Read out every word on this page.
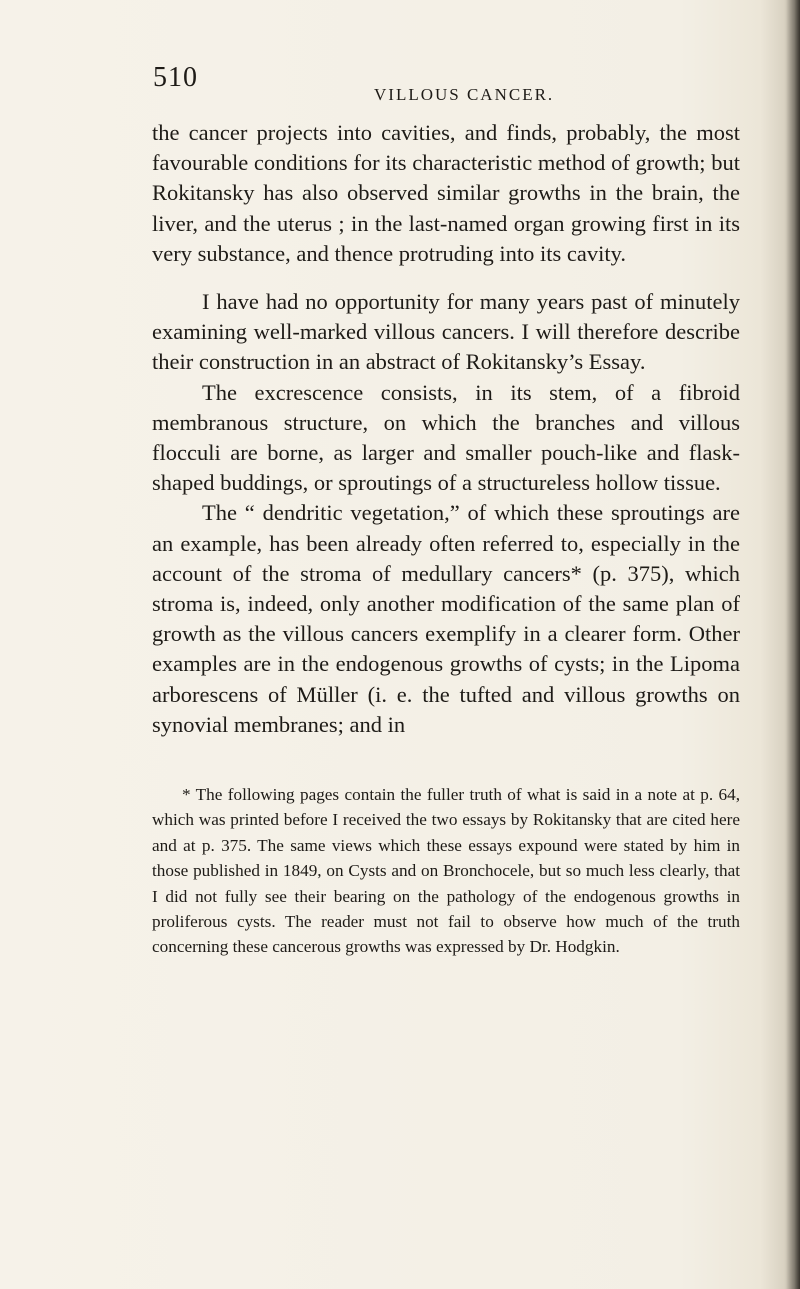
510
VILLOUS CANCER.

the cancer projects into cavities, and finds, probably, the most favourable conditions for its characteristic method of growth; but Rokitansky has also observed similar growths in the brain, the liver, and the uterus ; in the last-named organ growing first in its very substance, and thence protruding into its cavity.

I have had no opportunity for many years past of minutely examining well-marked villous cancers. I will therefore describe their construction in an abstract of Rokitansky’s Essay.

The excrescence consists, in its stem, of a fibroid membranous structure, on which the branches and villous flocculi are borne, as larger and smaller pouch-like and flask-shaped buddings, or sproutings of a structureless hollow tissue.

The “ dendritic vegetation,” of which these sproutings are an example, has been already often referred to, especially in the account of the stroma of medullary cancers* (p. 375), which stroma is, indeed, only another modification of the same plan of growth as the villous cancers exemplify in a clearer form. Other examples are in the endogenous growths of cysts; in the Lipoma arborescens of Müller (i. e. the tufted and villous growths on synovial membranes; and in

* The following pages contain the fuller truth of what is said in a note at p. 64, which was printed before I received the two essays by Rokitansky that are cited here and at p. 375. The same views which these essays expound were stated by him in those published in 1849, on Cysts and on Bronchocele, but so much less clearly, that I did not fully see their bearing on the pathology of the endogenous growths in proliferous cysts. The reader must not fail to observe how much of the truth concerning these cancerous growths was expressed by Dr. Hodgkin.
